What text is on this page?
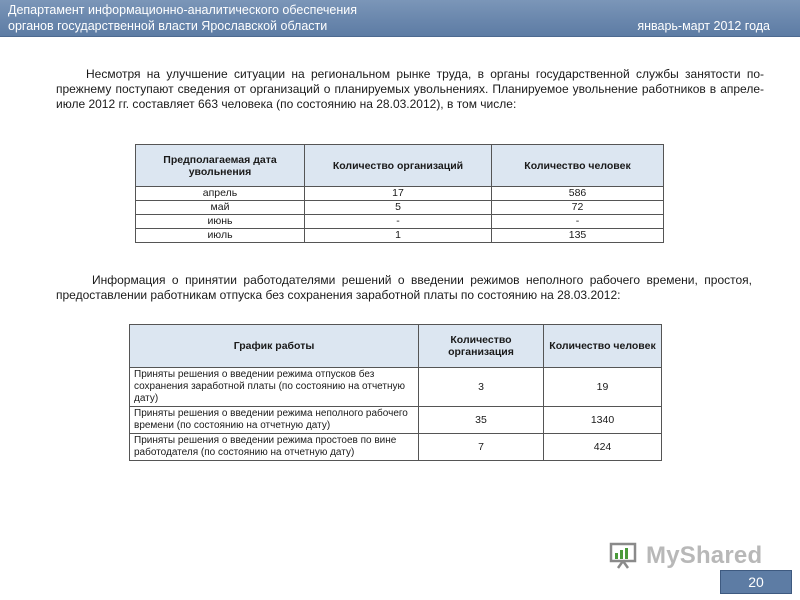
Департамент информационно-аналитического обеспечения
органов государственной власти Ярославской области	январь-март 2012 года
Несмотря на улучшение ситуации на региональном рынке труда, в органы государственной службы занятости по-прежнему поступают сведения от организаций о планируемых увольнениях. Планируемое увольнение работников в апреле-июле 2012 гг. составляет 663 человека (по состоянию на 28.03.2012), в том числе:
Предполагаемая дата увольнения	Количество организаций	Количество человек
апрель	17	586
май	5	72
июнь	-	-
июль	1	135
Информация о принятии работодателями решений о введении режимов неполного рабочего времени, простоя, предоставлении работникам отпуска без сохранения заработной платы по состоянию на 28.03.2012:
График работы	Количество организация	Количество человек
Приняты решения о введении режима отпусков без сохранения заработной платы (по состоянию на отчетную дату)	3	19
Приняты решения о введении режима неполного рабочего времени (по состоянию на отчетную дату)	35	1340
Приняты решения о введении режима простоев по вине работодателя (по состоянию на отчетную дату)	7	424
MyShared
20
